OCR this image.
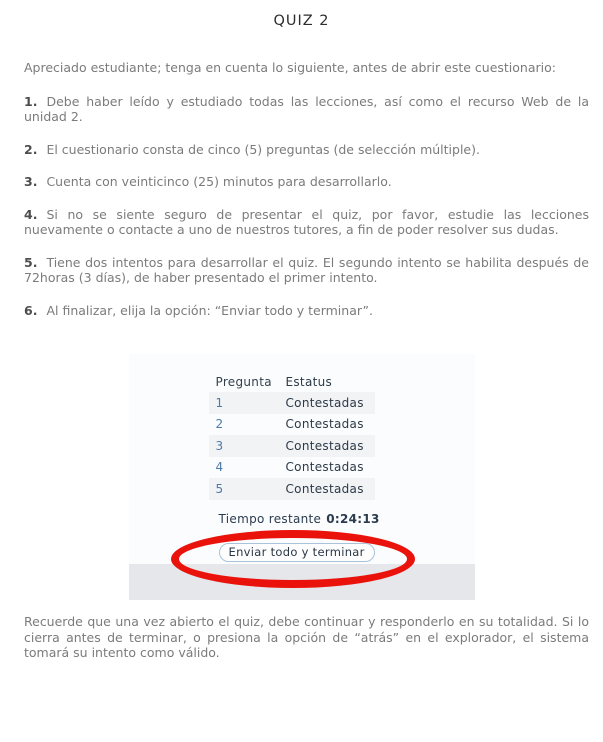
QUIZ 2

Apreciado estudiante; tenga en cuenta lo siguiente, antes de abrir este cuestionario:

1. Debe haber leído y estudiado todas las lecciones, así como el recurso Web de la unidad 2.

2. El cuestionario consta de cinco (5) preguntas (de selección múltiple).

3. Cuenta con veinticinco (25) minutos para desarrollarlo.

4. Si no se siente seguro de presentar el quiz, por favor, estudie las lecciones nuevamente o contacte a uno de nuestros tutores, a fin de poder resolver sus dudas.

5. Tiene dos intentos para desarrollar el quiz. El segundo intento se habilita después de 72horas (3 días), de haber presentado el primer intento.

6. Al finalizar, elija la opción: “Enviar todo y terminar”.

Pregunta	Estatus
1	Contestadas
2	Contestadas
3	Contestadas
4	Contestadas
5	Contestadas
Tiempo restante 0:24:13
Enviar todo y terminar

Recuerde que una vez abierto el quiz, debe continuar y responderlo en su totalidad. Si lo cierra antes de terminar, o presiona la opción de “atrás” en el explorador, el sistema tomará su intento como válido.
